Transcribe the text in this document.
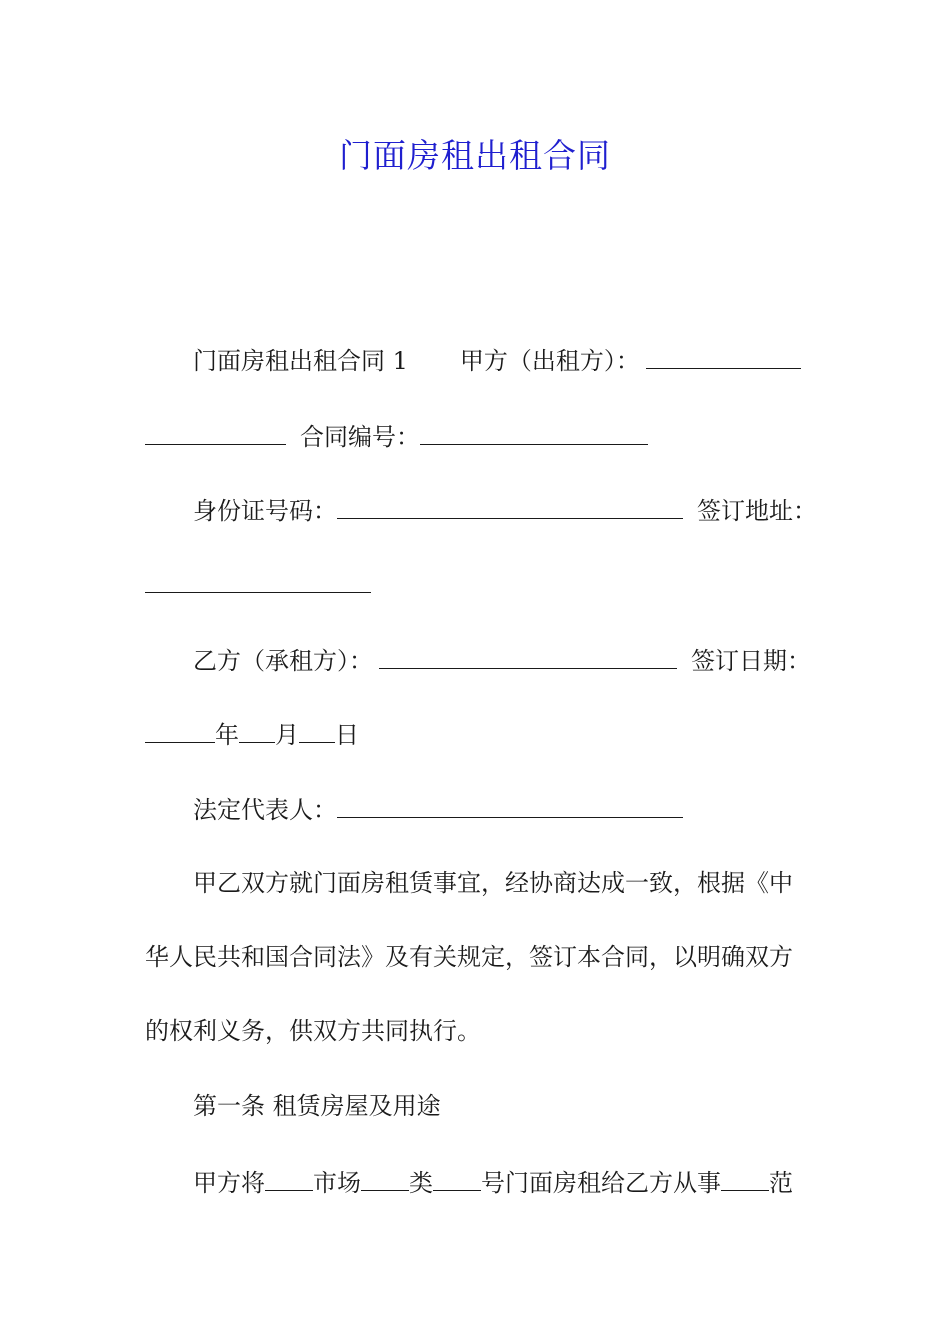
门面房租出租合同
门面房租出租合同 1 甲方（出租方）：
合同编号：
身份证号码：	签订地址：
乙方（承租方）：	签订日期：
年 月 日
法定代表人：
甲乙双方就门面房租赁事宜，经协商达成一致，根据《中
华人民共和国合同法》及有关规定，签订本合同，以明确双方
的权利义务，供双方共同执行。
第一条 租赁房屋及用途
甲方将 市场 类 号门面房租给乙方从事 范
